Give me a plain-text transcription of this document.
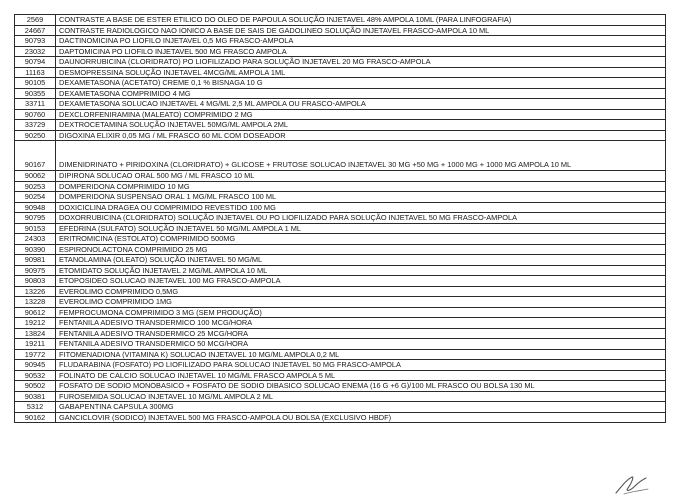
2569	CONTRASTE A BASE DE ESTER ETILICO DO OLEO DE PAPOULA SOLUÇÃO INJETAVEL 48% AMPOLA 10ML (PARA LINFOGRAFIA)
24667	CONTRASTE RADIOLOGICO NAO IONICO A BASE DE SAIS DE GADOLINEO SOLUÇÃO INJETAVEL FRASCO-AMPOLA 10 ML
90793	DACTINOMICINA PO LIOFILO INJETAVEL 0,5 MG FRASCO-AMPOLA
23032	DAPTOMICINA PO LIOFILO INJETAVEL 500 MG FRASCO AMPOLA
90794	DAUNORRUBICINA (CLORIDRATO) PO LIOFILIZADO PARA SOLUÇÃO INJETAVEL 20 MG FRASCO-AMPOLA
11163	DESMOPRESSINA SOLUÇÃO INJETAVEL 4MCG/ML AMPOLA 1ML
90105	DEXAMETASONA (ACETATO) CREME 0,1 % BISNAGA 10 G
90355	DEXAMETASONA COMPRIMIDO 4 MG
33711	DEXAMETASONA SOLUCAO INJETAVEL 4 MG/ML 2,5 ML AMPOLA OU FRASCO-AMPOLA
90760	DEXCLORFENIRAMINA (MALEATO) COMPRIMIDO 2 MG
33729	DEXTROCETAMINA SOLUÇÃO INJETAVEL 50MG/ML AMPOLA 2ML
90250	DIGOXINA ELIXIR 0,05 MG / ML FRASCO 60 ML COM DOSEADOR
90167	DIMENIDRINATO + PIRIDOXINA (CLORIDRATO) + GLICOSE + FRUTOSE SOLUCAO INJETAVEL 30 MG +50 MG + 1000 MG + 1000 MG AMPOLA 10 ML
90062	DIPIRONA SOLUCAO ORAL 500 MG / ML FRASCO 10 ML
90253	DOMPERIDONA COMPRIMIDO 10 MG
90254	DOMPERIDONA SUSPENSAO ORAL 1 MG/ML FRASCO 100 ML
90948	DOXICICLINA DRAGEA OU COMPRIMIDO REVESTIDO 100 MG
90795	DOXORRUBICINA (CLORIDRATO) SOLUÇÃO INJETAVEL OU PO LIOFILIZADO PARA SOLUÇÃO INJETAVEL 50 MG FRASCO-AMPOLA
90153	EFEDRINA (SULFATO) SOLUÇÃO INJETAVEL 50 MG/ML AMPOLA 1 ML
24303	ERITROMICINA (ESTOLATO) COMPRIMIDO 500MG
90390	ESPIRONOLACTONA COMPRIMIDO 25 MG
90981	ETANOLAMINA (OLEATO) SOLUÇÃO INJETAVEL 50 MG/ML
90975	ETOMIDATO SOLUÇÃO INJETAVEL 2 MG/ML AMPOLA 10 ML
90803	ETOPOSIDEO SOLUCAO INJETAVEL 100 MG FRASCO-AMPOLA
13226	EVEROLIMO COMPRIMIDO 0,5MG
13228	EVEROLIMO COMPRIMIDO 1MG
90612	FEMPROCUMONA COMPRIMIDO 3 MG (SEM PRODUÇÃO)
19212	FENTANILA ADESIVO TRANSDERMICO 100 MCG/HORA
13824	FENTANILA ADESIVO TRANSDERMICO 25 MCG/HORA
19211	FENTANILA ADESIVO TRANSDERMICO 50 MCG/HORA
19772	FITOMENADIONA (VITAMINA K) SOLUCAO INJETAVEL 10 MG/ML AMPOLA 0,2 ML
90945	FLUDARABINA (FOSFATO) PO LIOFILIZADO PARA SOLUCAO INJETAVEL 50 MG FRASCO-AMPOLA
90532	FOLINATO DE CALCIO SOLUCAO INJETAVEL 10 MG/ML FRASCO AMPOLA 5 ML
90502	FOSFATO DE SODIO MONOBASICO + FOSFATO DE SODIO DIBASICO SOLUCAO ENEMA (16 G +6 G)/100 ML FRASCO OU BOLSA 130 ML
90381	FUROSEMIDA SOLUCAO INJETAVEL 10 MG/ML AMPOLA 2 ML
5312	GABAPENTINA CAPSULA 300MG
90162	GANCICLOVIR (SODICO) INJETAVEL 500 MG FRASCO-AMPOLA OU BOLSA (EXCLUSIVO HBDF)
